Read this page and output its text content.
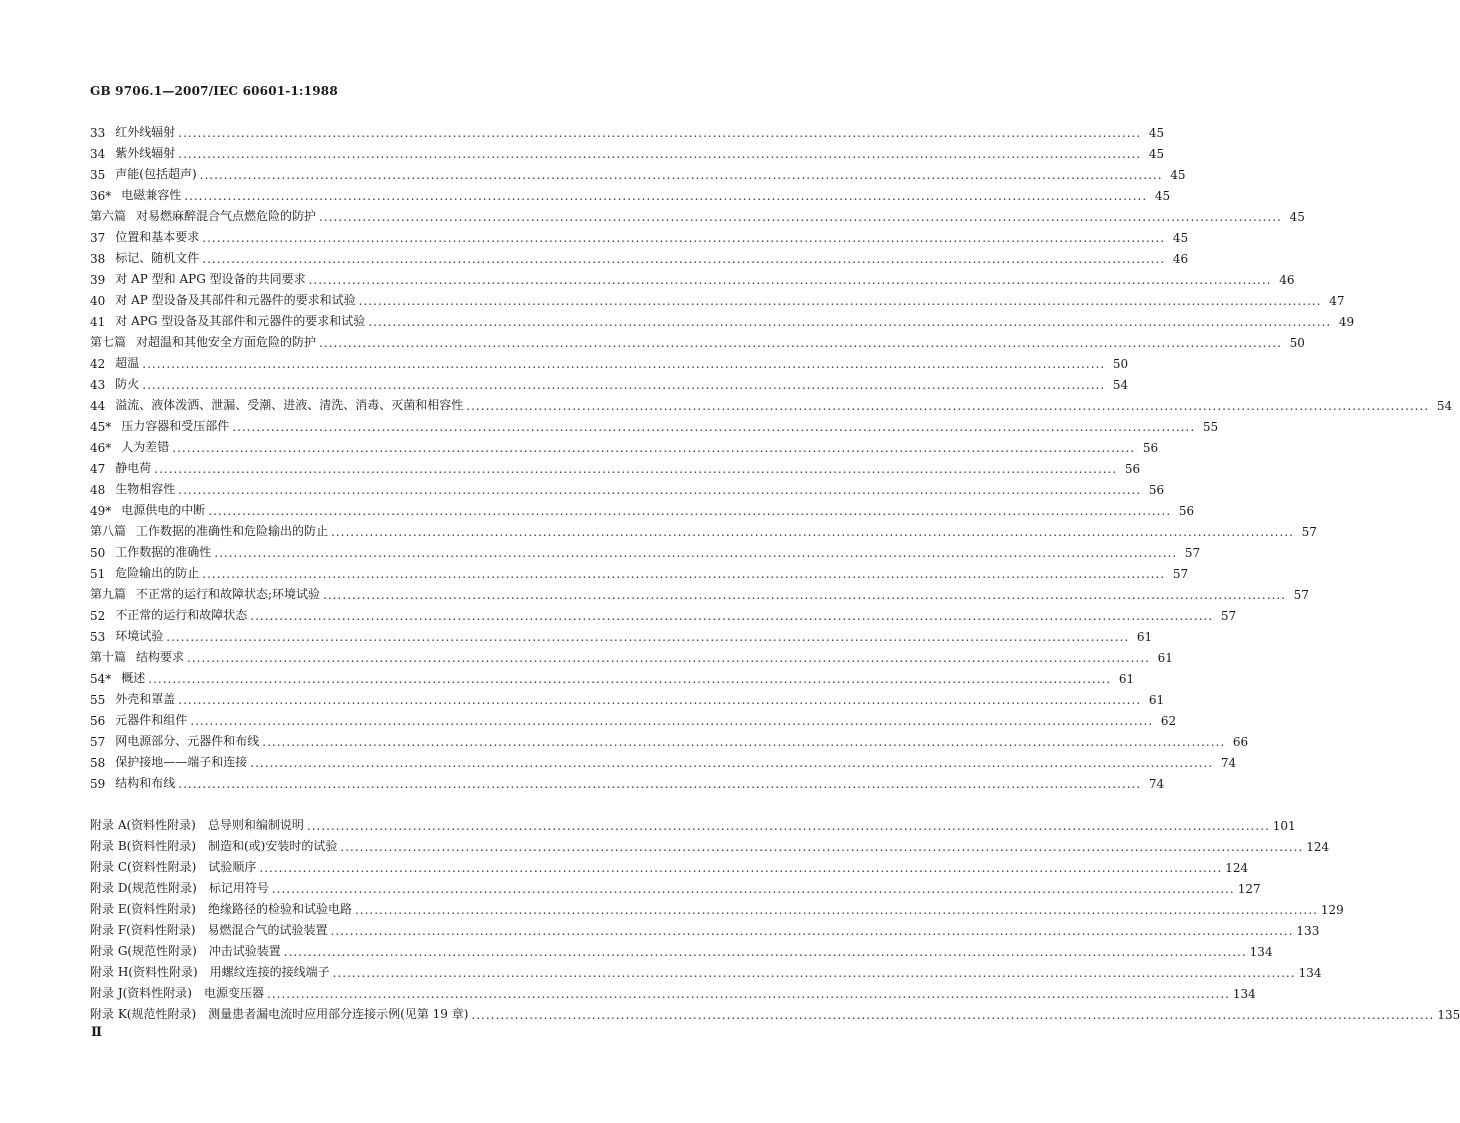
GB 9706.1—2007/IEC 60601-1:1988
33 红外线辐射 ........................................................................................................................................................................................................ 45
34 紫外线辐射 ........................................................................................................................................................................................................ 45
35 声能(包括超声) ........................................................................................................................................................................................................ 45
36* 电磁兼容性 ........................................................................................................................................................................................................ 45
第六篇 对易燃麻醉混合气点燃危险的防护 ........................................................................................................................................................................................................ 45
37 位置和基本要求 ........................................................................................................................................................................................................ 45
38 标记、随机文件 ........................................................................................................................................................................................................ 46
39 对 AP 型和 APG 型设备的共同要求 ........................................................................................................................................................................................................ 46
40 对 AP 型设备及其部件和元器件的要求和试验 ........................................................................................................................................................................................................ 47
41 对 APG 型设备及其部件和元器件的要求和试验 ........................................................................................................................................................................................................ 49
第七篇 对超温和其他安全方面危险的防护 ........................................................................................................................................................................................................ 50
42 超温 ........................................................................................................................................................................................................ 50
43 防火 ........................................................................................................................................................................................................ 54
44 溢流、液体泼洒、泄漏、受潮、进液、清洗、消毒、灭菌和相容性 ........................................................................................................................................................................................................ 54
45* 压力容器和受压部件 ........................................................................................................................................................................................................ 55
46* 人为差错 ........................................................................................................................................................................................................ 56
47 静电荷 ........................................................................................................................................................................................................ 56
48 生物相容性 ........................................................................................................................................................................................................ 56
49* 电源供电的中断 ........................................................................................................................................................................................................ 56
第八篇 工作数据的准确性和危险输出的防止 ........................................................................................................................................................................................................ 57
50 工作数据的准确性 ........................................................................................................................................................................................................ 57
51 危险输出的防止 ........................................................................................................................................................................................................ 57
第九篇 不正常的运行和故障状态;环境试验 ........................................................................................................................................................................................................ 57
52 不正常的运行和故障状态 ........................................................................................................................................................................................................ 57
53 环境试验 ........................................................................................................................................................................................................ 61
第十篇 结构要求 ........................................................................................................................................................................................................ 61
54* 概述 ........................................................................................................................................................................................................ 61
55 外壳和罩盖 ........................................................................................................................................................................................................ 61
56 元器件和组件 ........................................................................................................................................................................................................ 62
57 网电源部分、元器件和布线 ........................................................................................................................................................................................................ 66
58 保护接地——端子和连接 ........................................................................................................................................................................................................ 74
59 结构和布线 ........................................................................................................................................................................................................ 74
附录 A(资料性附录) 总导则和编制说明 ........................................................................................................................................................................................................ 101
附录 B(资料性附录) 制造和(或)安装时的试验 ........................................................................................................................................................................................................ 124
附录 C(资料性附录) 试验顺序 ........................................................................................................................................................................................................ 124
附录 D(规范性附录) 标记用符号 ........................................................................................................................................................................................................ 127
附录 E(资料性附录) 绝缘路径的检验和试验电路 ........................................................................................................................................................................................................ 129
附录 F(资料性附录) 易燃混合气的试验装置 ........................................................................................................................................................................................................ 133
附录 G(规范性附录) 冲击试验装置 ........................................................................................................................................................................................................ 134
附录 H(资料性附录) 用螺纹连接的接线端子 ........................................................................................................................................................................................................ 134
附录 J(资料性附录) 电源变压器 ........................................................................................................................................................................................................ 134
附录 K(规范性附录) 测量患者漏电流时应用部分连接示例(见第 19 章) ........................................................................................................................................................................................................ 135
Ⅱ
